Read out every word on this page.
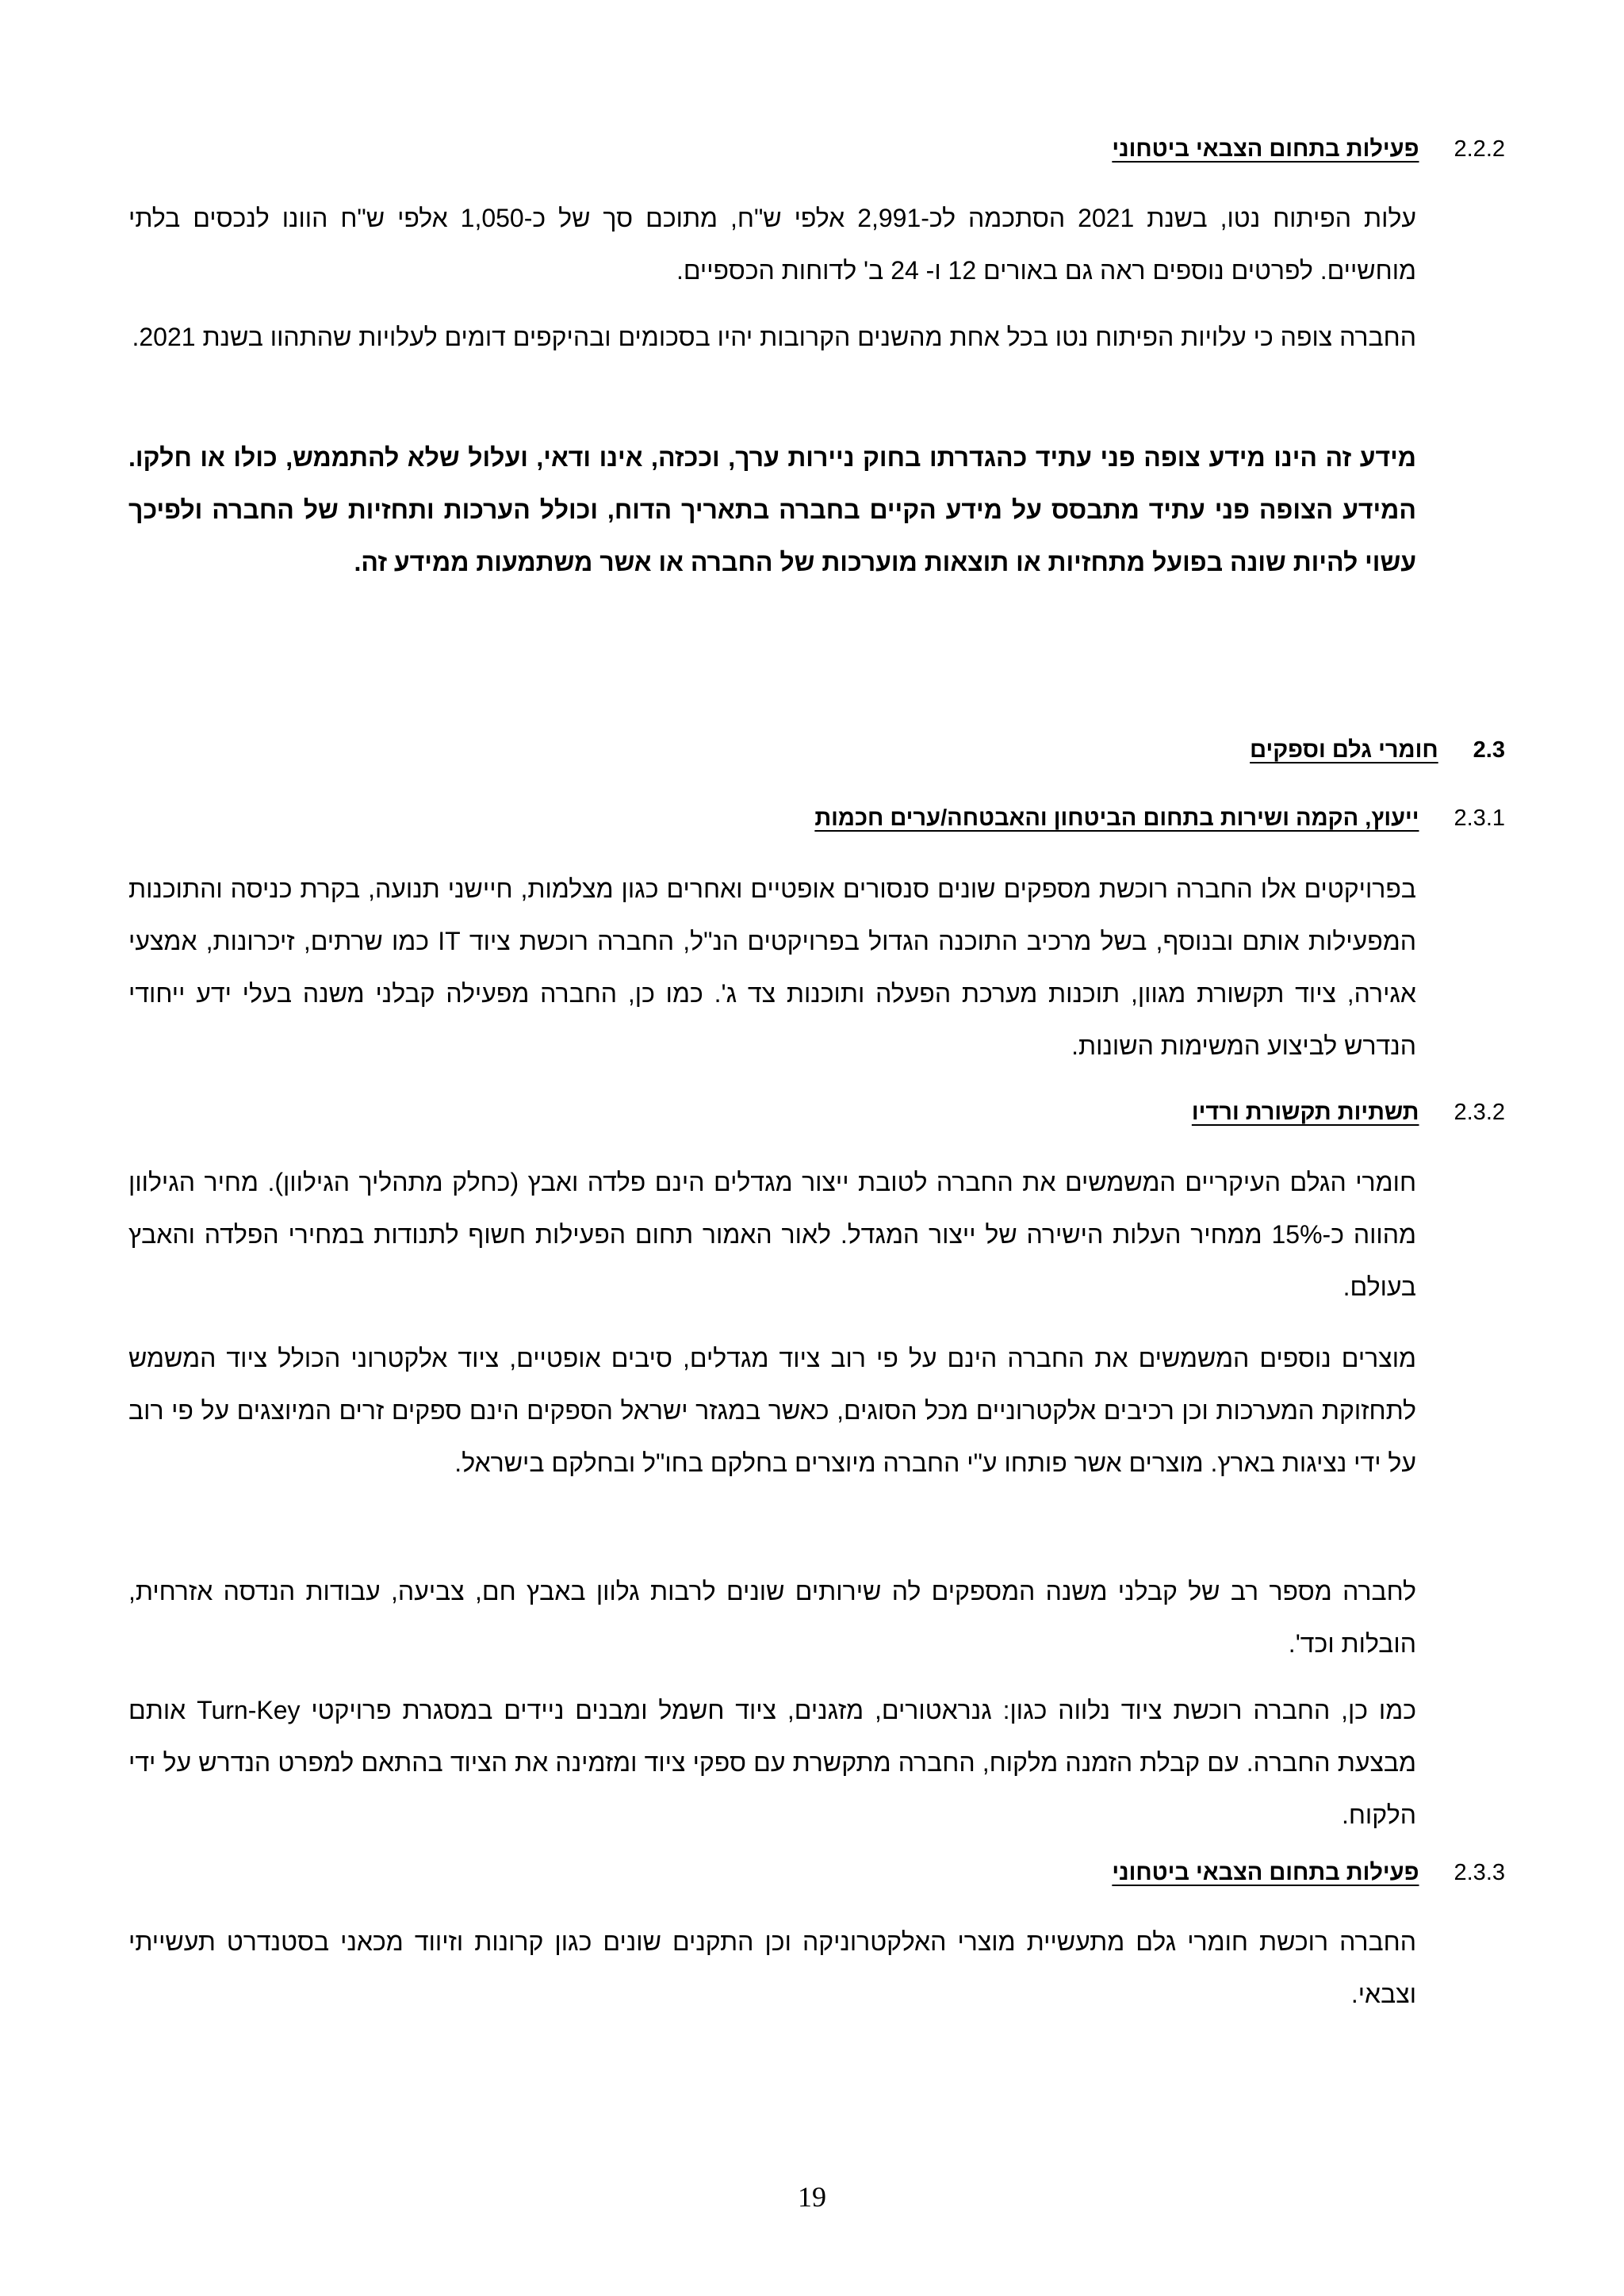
2.2.2פעילות בתחום הצבאי ביטחוני

עלות הפיתוח נטו, בשנת 2021 הסתכמה לכ-2,991 אלפי ש"ח, מתוכם סך של כ-1,050 אלפי ש"ח הוונו לנכסים בלתי מוחשיים. לפרטים נוספים ראה גם באורים 12 ו- 24 ב' לדוחות הכספיים.

החברה צופה כי עלויות הפיתוח נטו בכל אחת מהשנים הקרובות יהיו בסכומים ובהיקפים דומים לעלויות שהתהוו בשנת 2021.

מידע זה הינו מידע צופה פני עתיד כהגדרתו בחוק ניירות ערך, וככזה, אינו ודאי, ועלול שלא להתממש, כולו או חלקו. המידע הצופה פני עתיד מתבסס על מידע הקיים בחברה בתאריך הדוח, וכולל הערכות ותחזיות של החברה ולפיכך עשוי להיות שונה בפועל מתחזיות או תוצאות מוערכות של החברה או אשר משתמעות ממידע זה.

2.3חומרי גלם וספקים
2.3.1ייעוץ, הקמה ושירות בתחום הביטחון והאבטחה/ערים חכמות

בפרויקטים אלו החברה רוכשת מספקים שונים סנסורים אופטיים ואחרים כגון מצלמות, חיישני תנועה, בקרת כניסה והתוכנות המפעילות אותם ובנוסף, בשל מרכיב התוכנה הגדול בפרויקטים הנ"ל, החברה רוכשת ציוד IT כמו שרתים, זיכרונות, אמצעי אגירה, ציוד תקשורת מגוון, תוכנות מערכת הפעלה ותוכנות צד ג'. כמו כן, החברה מפעילה קבלני משנה בעלי ידע ייחודי הנדרש לביצוע המשימות השונות.

2.3.2תשתיות תקשורת ורדיו

חומרי הגלם העיקריים המשמשים את החברה לטובת ייצור מגדלים הינם פלדה ואבץ (כחלק מתהליך הגילוון). מחיר הגילוון מהווה כ-15% ממחיר העלות הישירה של ייצור המגדל. לאור האמור תחום הפעילות חשוף לתנודות במחירי הפלדה והאבץ בעולם.

מוצרים נוספים המשמשים את החברה הינם על פי רוב ציוד מגדלים, סיבים אופטיים, ציוד אלקטרוני הכולל ציוד המשמש לתחזוקת המערכות וכן רכיבים אלקטרוניים מכל הסוגים, כאשר במגזר ישראל הספקים הינם ספקים זרים המיוצגים על פי רוב על ידי נציגות בארץ. מוצרים אשר פותחו ע"י החברה מיוצרים בחלקם בחו"ל ובחלקם בישראל.

לחברה מספר רב של קבלני משנה המספקים לה שירותים שונים לרבות גלוון באבץ חם, צביעה, עבודות הנדסה אזרחית, הובלות וכד'.

כמו כן, החברה רוכשת ציוד נלווה כגון: גנראטורים, מזגנים, ציוד חשמל ומבנים ניידים במסגרת פרויקטי Turn-Key אותם מבצעת החברה. עם קבלת הזמנה מלקוח, החברה מתקשרת עם ספקי ציוד ומזמינה את הציוד בהתאם למפרט הנדרש על ידי הלקוח.

2.3.3פעילות בתחום הצבאי ביטחוני

החברה רוכשת חומרי גלם מתעשיית מוצרי האלקטרוניקה וכן התקנים שונים כגון קרונות וזיווד מכאני בסטנדרט תעשייתי וצבאי.

19
